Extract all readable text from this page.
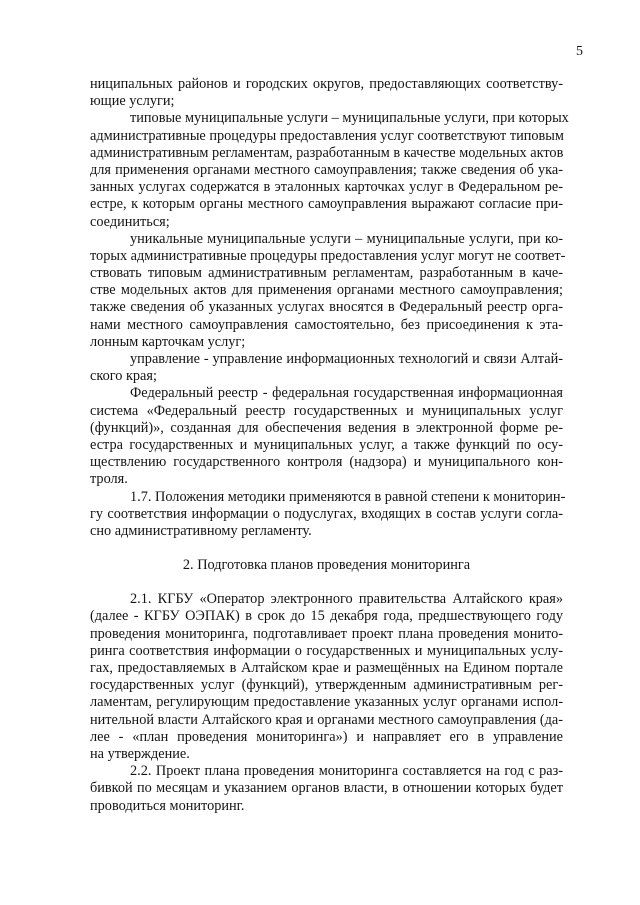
5
ниципальных районов и городских округов, предоставляющих соответству-
ющие услуги;
типовые муниципальные услуги – муниципальные услуги, при которых
административные процедуры предоставления услуг соответствуют типовым
административным регламентам, разработанным в качестве модельных актов
для применения органами местного самоуправления; также сведения об ука-
занных услугах содержатся в эталонных карточках услуг в Федеральном ре-
естре, к которым органы местного самоуправления выражают согласие при-
соединиться;
уникальные муниципальные услуги – муниципальные услуги, при ко-
торых административные процедуры предоставления услуг могут не соответ-
ствовать типовым административным регламентам, разработанным в каче-
стве модельных актов для применения органами местного самоуправления;
также сведения об указанных услугах вносятся в Федеральный реестр орга-
нами местного самоуправления самостоятельно, без присоединения к эта-
лонным карточкам услуг;
управление - управление информационных технологий и связи Алтай-
ского края;
Федеральный реестр - федеральная государственная информационная
система «Федеральный реестр государственных и муниципальных услуг
(функций)», созданная для обеспечения ведения в электронной форме ре-
естра государственных и муниципальных услуг, а также функций по осу-
ществлению государственного контроля (надзора) и муниципального кон-
троля.
1.7. Положения методики применяются в равной степени к мониторин-
гу соответствия информации о подуслугах, входящих в состав услуги согла-
сно административному регламенту.
2. Подготовка планов проведения мониторинга
2.1. КГБУ «Оператор электронного правительства Алтайского края»
(далее - КГБУ ОЭПАК) в срок до 15 декабря года, предшествующего году
проведения мониторинга, подготавливает проект плана проведения монито-
ринга соответствия информации о государственных и муниципальных услу-
гах, предоставляемых в Алтайском крае и размещённых на Едином портале
государственных услуг (функций), утвержденным административным рег-
ламентам, регулирующим предоставление указанных услуг органами испол-
нительной власти Алтайского края и органами местного самоуправления (да-
лее - «план проведения мониторинга») и направляет его в управление
на утверждение.
2.2. Проект плана проведения мониторинга составляется на год с раз-
бивкой по месяцам и указанием органов власти, в отношении которых будет
проводиться мониторинг.
